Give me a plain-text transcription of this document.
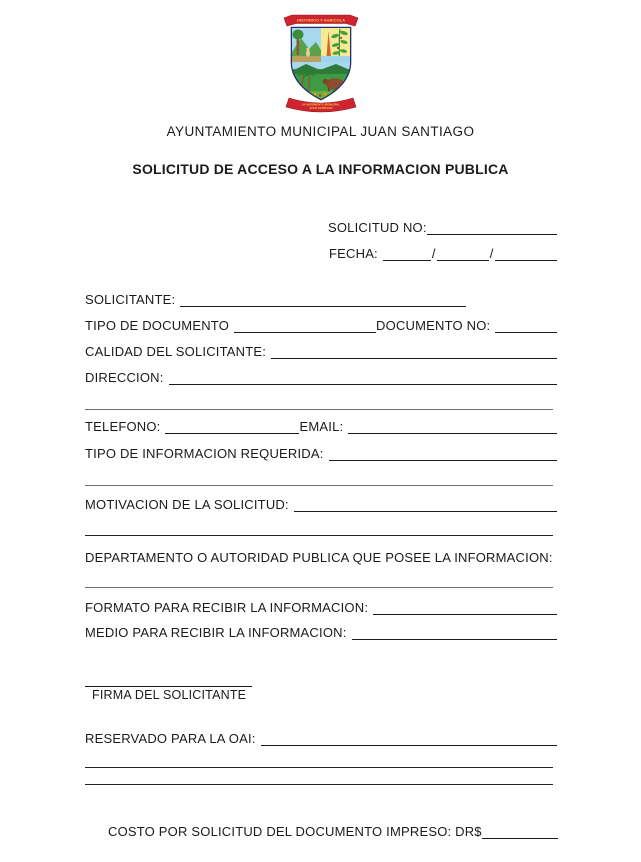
HISTORICO Y AGRICOLA
AYUNTAMIENTO MUNICIPAL
JUAN SANTIAGO
AYUNTAMIENTO MUNICIPAL JUAN SANTIAGO
SOLICITUD DE ACCESO A LA INFORMACION PUBLICA
SOLICITUD NO:
FECHA:	/	/
SOLICITANTE:
TIPO DE DOCUMENTO	DOCUMENTO NO:
CALIDAD DEL SOLICITANTE:
DIRECCION:
TELEFONO:	EMAIL:
TIPO DE INFORMACION REQUERIDA:
MOTIVACION DE LA SOLICITUD:
DEPARTAMENTO O AUTORIDAD PUBLICA QUE POSEE LA INFORMACION:
FORMATO PARA RECIBIR LA INFORMACION:
MEDIO PARA RECIBIR LA INFORMACION:
FIRMA DEL SOLICITANTE
RESERVADO PARA LA OAI:
COSTO POR SOLICITUD DEL DOCUMENTO IMPRESO: DR$
